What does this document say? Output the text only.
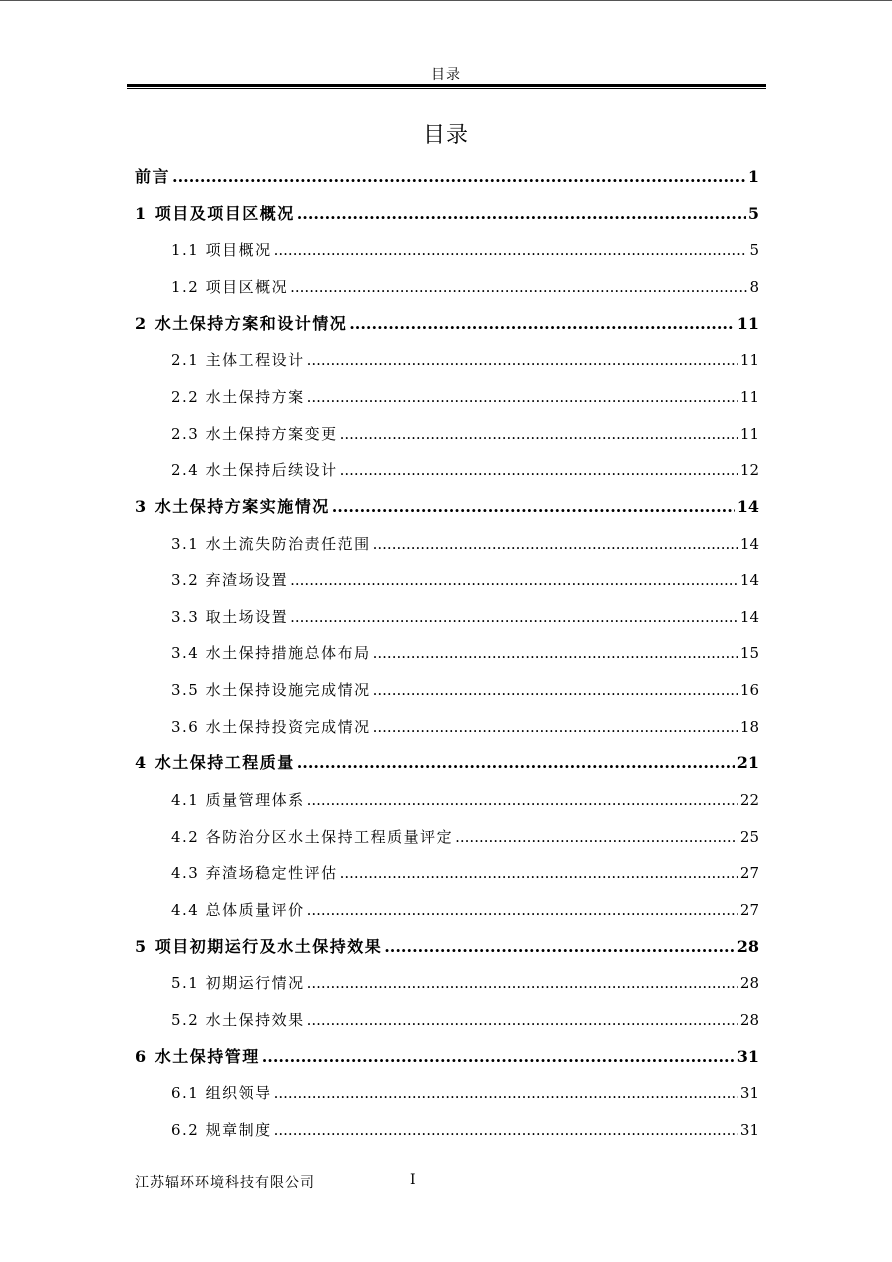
目录
目录
前言 .....	1
1 项目及项目区概况 .....	5
1.1 项目概况 .....	5
1.2 项目区概况 .....	8
2 水土保持方案和设计情况 .....	11
2.1 主体工程设计 .....	11
2.2 水土保持方案 .....	11
2.3 水土保持方案变更 .....	11
2.4 水土保持后续设计 .....	12
3 水土保持方案实施情况 .....	14
3.1 水土流失防治责任范围 .....	14
3.2 弃渣场设置 .....	14
3.3 取土场设置 .....	14
3.4 水土保持措施总体布局 .....	15
3.5 水土保持设施完成情况 .....	16
3.6 水土保持投资完成情况 .....	18
4 水土保持工程质量 .....	21
4.1 质量管理体系 .....	22
4.2 各防治分区水土保持工程质量评定 .....	25
4.3 弃渣场稳定性评估 .....	27
4.4 总体质量评价 .....	27
5 项目初期运行及水土保持效果 .....	28
5.1 初期运行情况 .....	28
5.2 水土保持效果 .....	28
6 水土保持管理 .....	31
6.1 组织领导 .....	31
6.2 规章制度 .....	31
江苏辐环环境科技有限公司	I
